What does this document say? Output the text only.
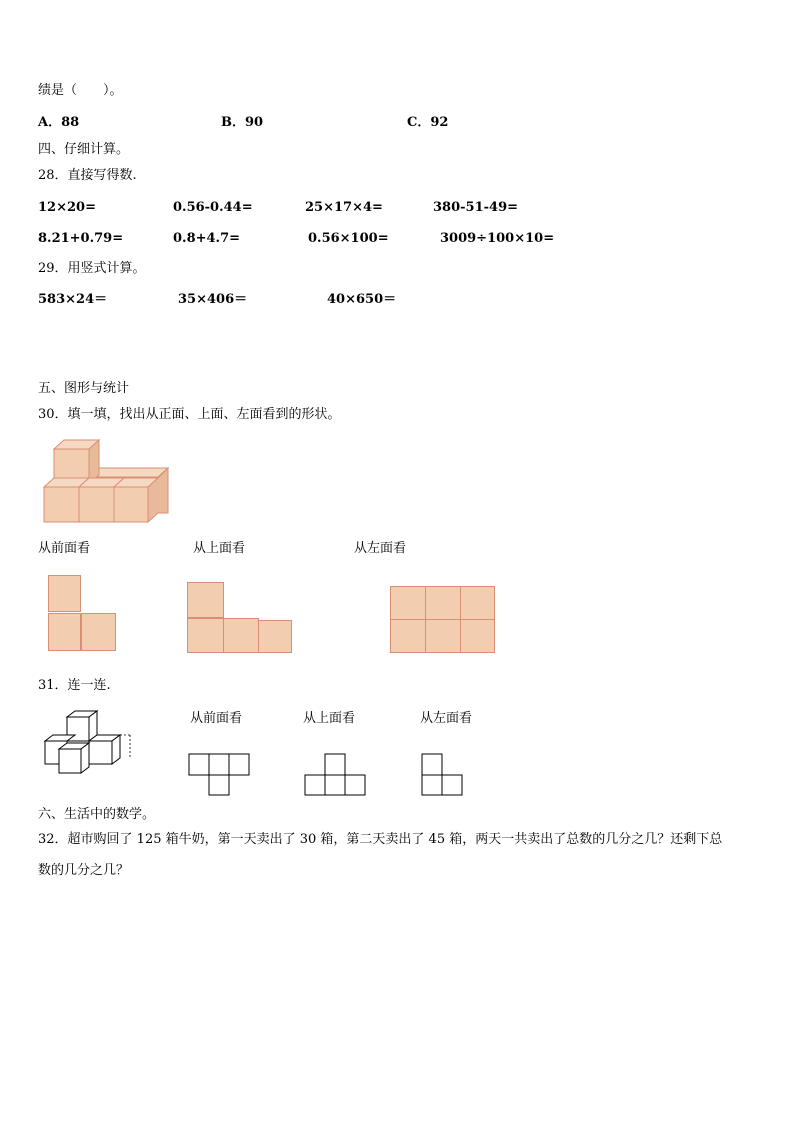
绩是（　　）。
A．88	B．90	C．92
四、仔细计算。
28．直接写得数.
12×20=	0.56-0.44=	25×17×4=	380-51-49=
8.21+0.79=	0.8+4.7=	0.56×100=	3009÷100×10=
29．用竖式计算。
583×24＝	35×406＝	40×650＝
五、图形与统计
30．填一填，找出从正面、上面、左面看到的形状。
从前面看	从上面看	从左面看
31．连一连.
从前面看	从上面看	从左面看
六、生活中的数学。
32．超市购回了 125 箱牛奶，第一天卖出了 30 箱，第二天卖出了 45 箱，两天一共卖出了总数的几分之几？还剩下总
数的几分之几？
